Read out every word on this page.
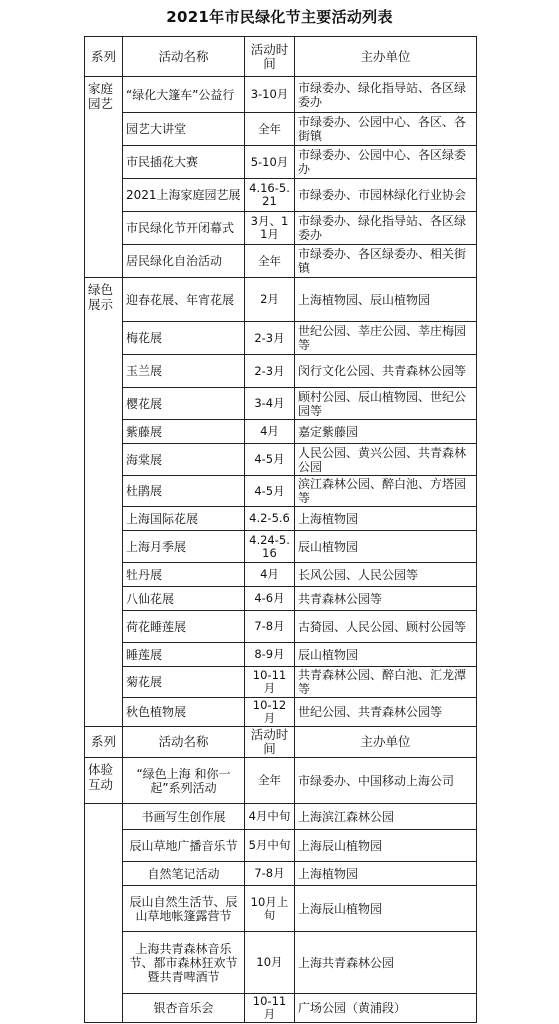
2021年市民绿化节主要活动列表
系列	活动名称	活动时间	主办单位
家庭园艺	“绿化大篷车”公益行	3-10月	市绿委办、绿化指导站、各区绿委办
	园艺大讲堂	全年	市绿委办、公园中心、各区、各街镇
	市民插花大赛	5-10月	市绿委办、公园中心、各区绿委办
	2021上海家庭园艺展	4.16-5.21	市绿委办、市园林绿化行业协会
	市民绿化节开闭幕式	3月、11月	市绿委办、绿化指导站、各区绿委办
	居民绿化自治活动	全年	市绿委办、各区绿委办、相关街镇
绿色展示	迎春花展、年宵花展	2月	上海植物园、辰山植物园
	梅花展	2-3月	世纪公园、莘庄公园、莘庄梅园等
	玉兰展	2-3月	闵行文化公园、共青森林公园等
	樱花展	3-4月	顾村公园、辰山植物园、世纪公园等
	紫藤展	4月	嘉定紫藤园
	海棠展	4-5月	人民公园、黄兴公园、共青森林公园
	杜鹃展	4-5月	滨江森林公园、醉白池、方塔园等
	上海国际花展	4.2-5.6	上海植物园
	上海月季展	4.24-5.16	辰山植物园
	牡丹展	4月	长风公园、人民公园等
	八仙花展	4-6月	共青森林公园等
	荷花睡莲展	7-8月	古猗园、人民公园、顾村公园等
	睡莲展	8-9月	辰山植物园
	菊花展	10-11月	共青森林公园、醉白池、汇龙潭等
	秋色植物展	10-12月	世纪公园、共青森林公园等
系列	活动名称	活动时间	主办单位
体验互动	“绿色上海 和你一起”系列活动	全年	市绿委办、中国移动上海公司
	书画写生创作展	4月中旬	上海滨江森林公园
	辰山草地广播音乐节	5月中旬	上海辰山植物园
	自然笔记活动	7-8月	上海植物园
	辰山自然生活节、辰山草地帐篷露营节	10月上旬	上海辰山植物园
	上海共青森林音乐节、都市森林狂欢节暨共青啤酒节	10月	上海共青森林公园
	银杏音乐会	10-11月	广场公园（黄浦段）
